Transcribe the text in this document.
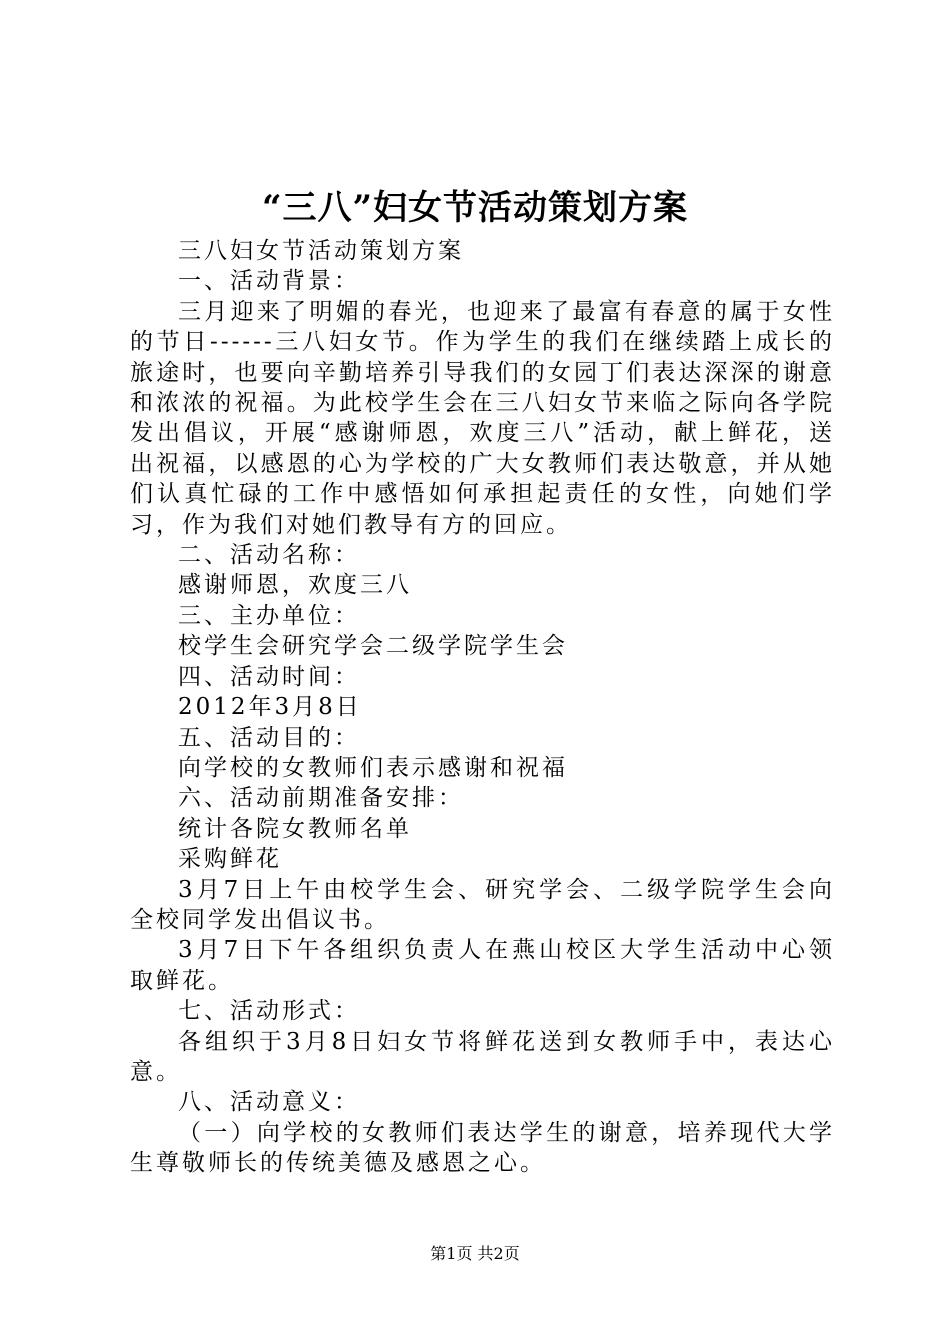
“三八”妇女节活动策划方案

三八妇女节活动策划方案

一、活动背景：

三月迎来了明媚的春光，也迎来了最富有春意的属于女性的节日------三八妇女节。作为学生的我们在继续踏上成长的旅途时，也要向辛勤培养引导我们的女园丁们表达深深的谢意和浓浓的祝福。为此校学生会在三八妇女节来临之际向各学院发出倡议，开展“感谢师恩，欢度三八”活动，献上鲜花，送出祝福，以感恩的心为学校的广大女教师们表达敬意，并从她们认真忙碌的工作中感悟如何承担起责任的女性，向她们学习，作为我们对她们教导有方的回应。

二、活动名称：

感谢师恩，欢度三八

三、主办单位：

校学生会研究学会二级学院学生会

四、活动时间：

2012年3月8日

五、活动目的：

向学校的女教师们表示感谢和祝福

六、活动前期准备安排：

统计各院女教师名单

采购鲜花

3月7日上午由校学生会、研究学会、二级学院学生会向全校同学发出倡议书。

3月7日下午各组织负责人在燕山校区大学生活动中心领取鲜花。

七、活动形式：

各组织于3月8日妇女节将鲜花送到女教师手中，表达心意。

八、活动意义：

（一）向学校的女教师们表达学生的谢意，培养现代大学生尊敬师长的传统美德及感恩之心。

第1页 共2页
